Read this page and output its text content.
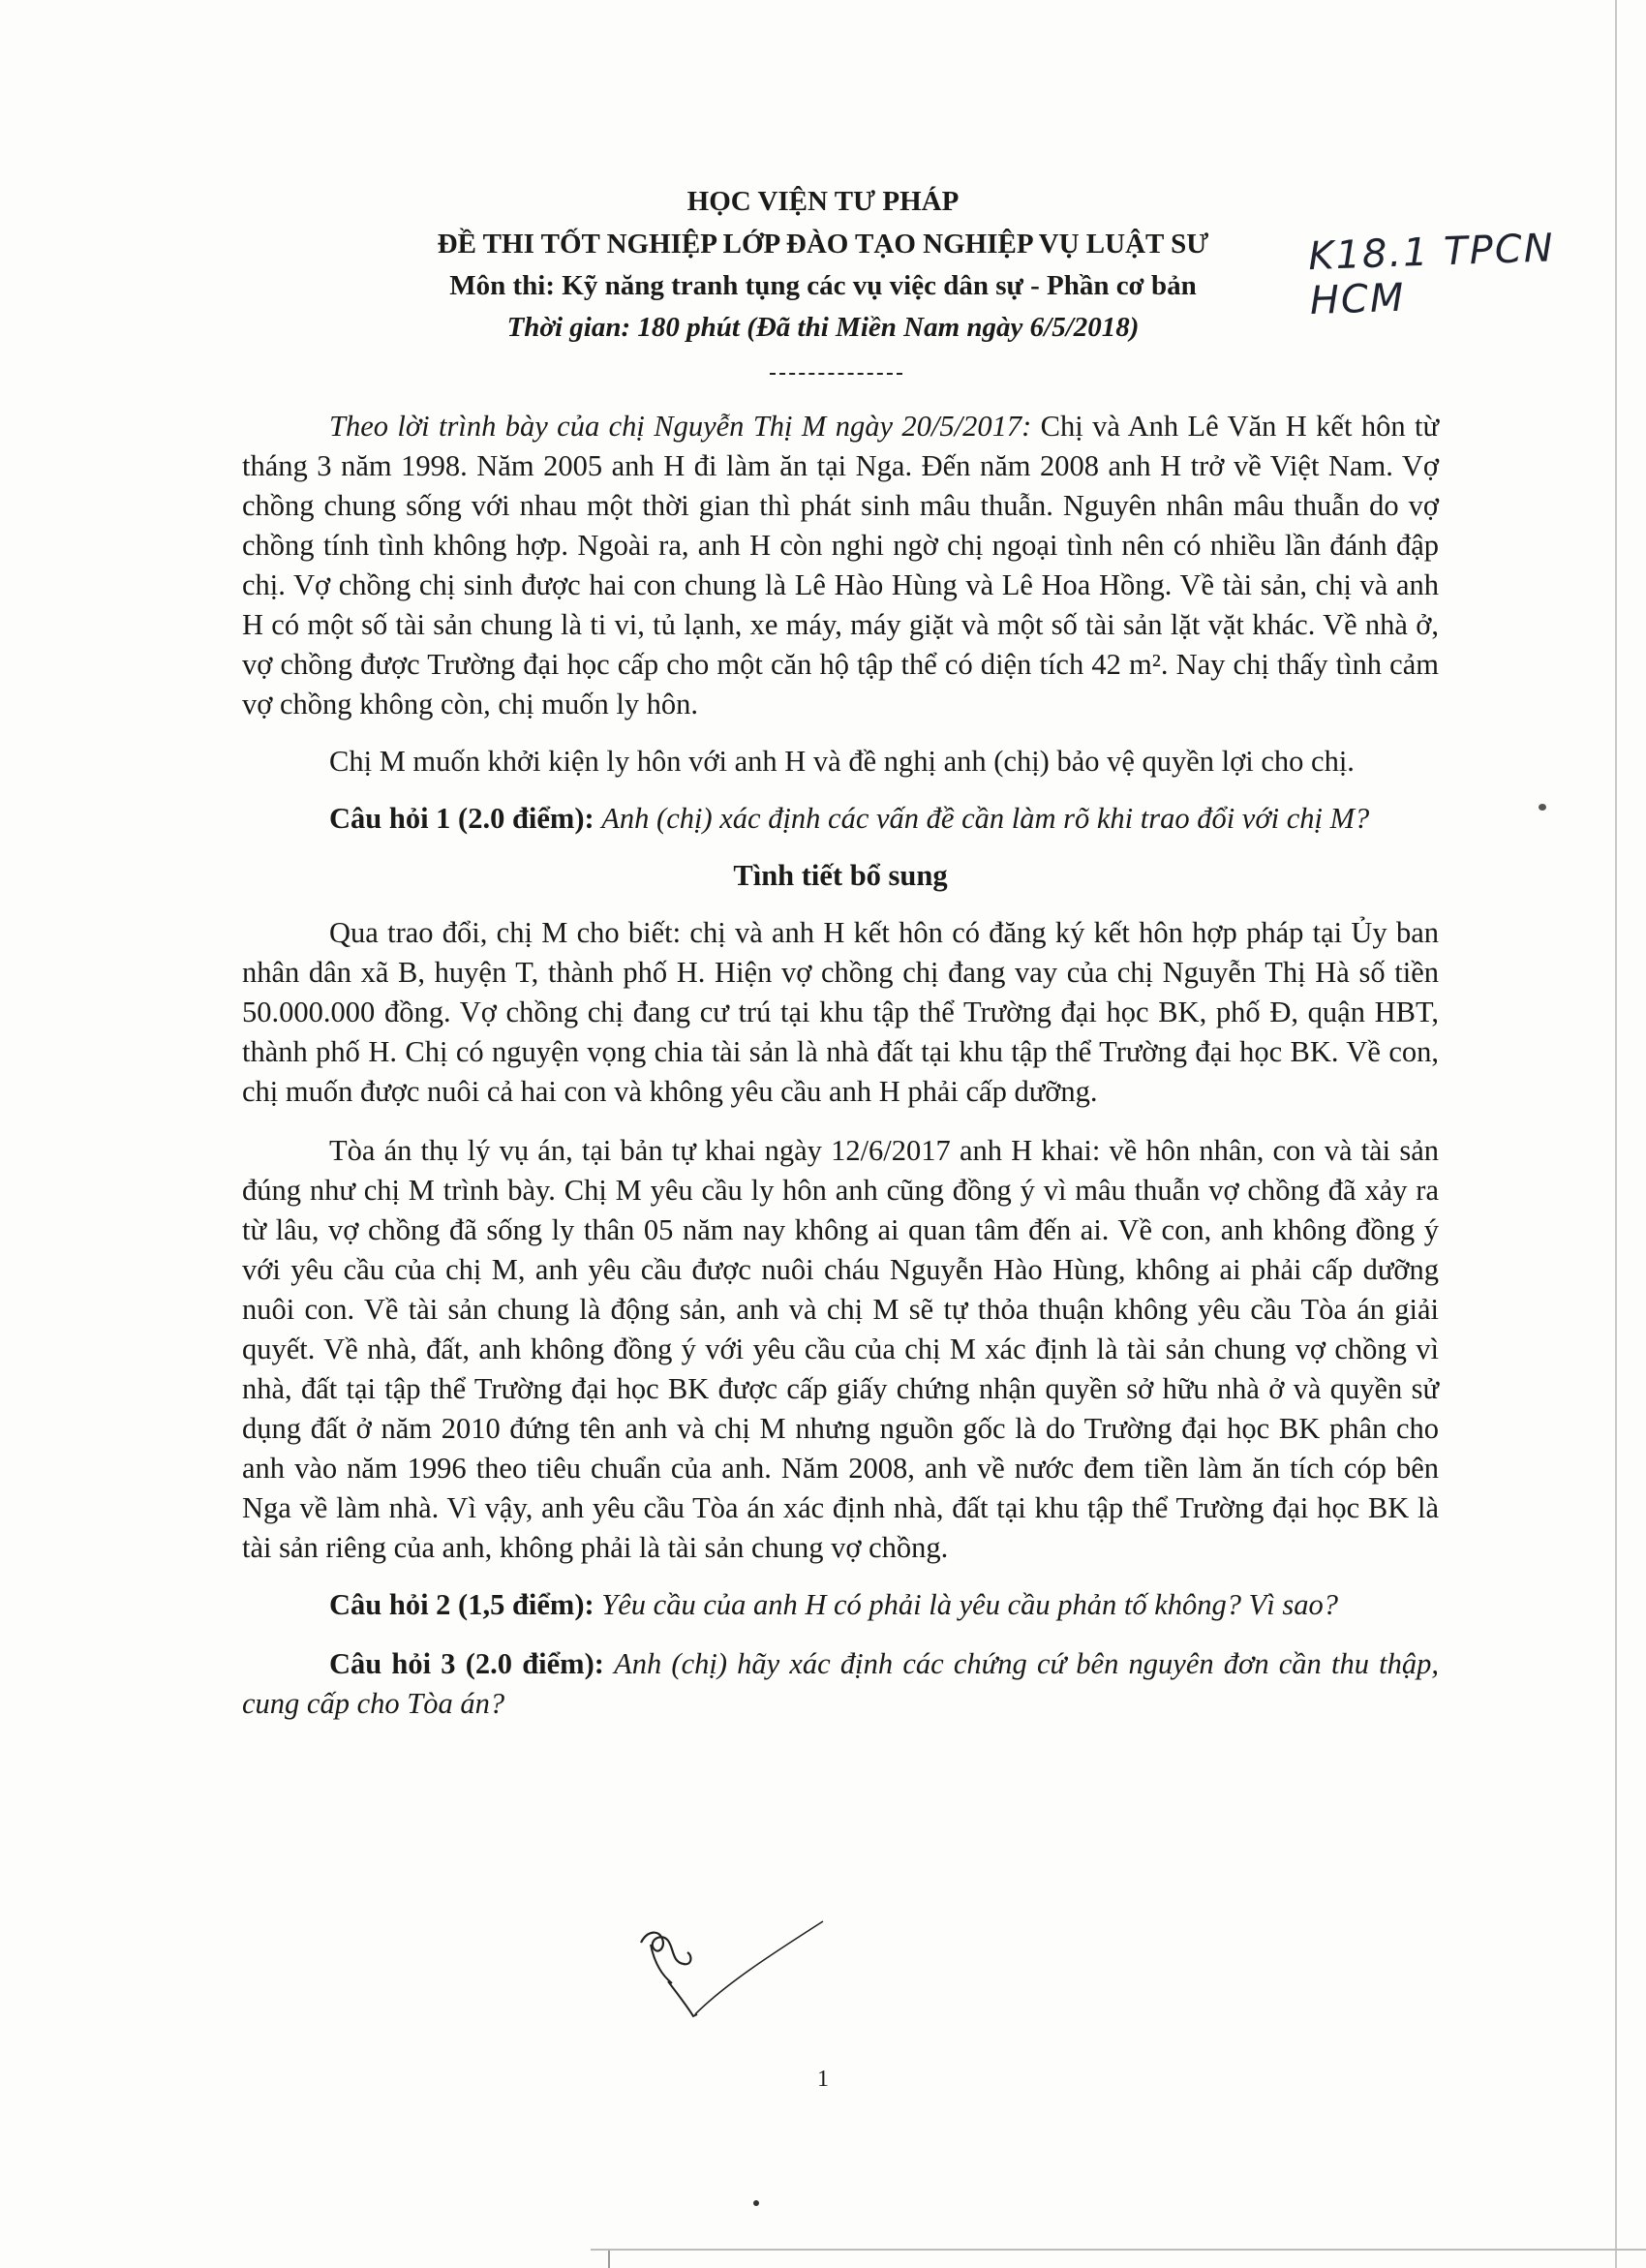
HỌC VIỆN TƯ PHÁP
ĐỀ THI TỐT NGHIỆP LỚP ĐÀO TẠO NGHIỆP VỤ LUẬT SƯ
Môn thi: Kỹ năng tranh tụng các vụ việc dân sự - Phần cơ bản
Thời gian: 180 phút (Đã thi Miền Nam ngày 6/5/2018)
K18.1 TPCN HCM

Theo lời trình bày của chị Nguyễn Thị M ngày 20/5/2017: Chị và Anh Lê Văn H kết hôn từ tháng 3 năm 1998. Năm 2005 anh H đi làm ăn tại Nga. Đến năm 2008 anh H trở về Việt Nam. Vợ chồng chung sống với nhau một thời gian thì phát sinh mâu thuẫn. Nguyên nhân mâu thuẫn do vợ chồng tính tình không hợp. Ngoài ra, anh H còn nghi ngờ chị ngoại tình nên có nhiều lần đánh đập chị. Vợ chồng chị sinh được hai con chung là Lê Hào Hùng và Lê Hoa Hồng. Về tài sản, chị và anh H có một số tài sản chung là ti vi, tủ lạnh, xe máy, máy giặt và một số tài sản lặt vặt khác. Về nhà ở, vợ chồng được Trường đại học cấp cho một căn hộ tập thể có diện tích 42 m². Nay chị thấy tình cảm vợ chồng không còn, chị muốn ly hôn.

Chị M muốn khởi kiện ly hôn với anh H và đề nghị anh (chị) bảo vệ quyền lợi cho chị.

Câu hỏi 1 (2.0 điểm): Anh (chị) xác định các vấn đề cần làm rõ khi trao đổi với chị M?

Tình tiết bổ sung

Qua trao đổi, chị M cho biết: chị và anh H kết hôn có đăng ký kết hôn hợp pháp tại Ủy ban nhân dân xã B, huyện T, thành phố H. Hiện vợ chồng chị đang vay của chị Nguyễn Thị Hà số tiền 50.000.000 đồng. Vợ chồng chị đang cư trú tại khu tập thể Trường đại học BK, phố Đ, quận HBT, thành phố H. Chị có nguyện vọng chia tài sản là nhà đất tại khu tập thể Trường đại học BK. Về con, chị muốn được nuôi cả hai con và không yêu cầu anh H phải cấp dưỡng.

Tòa án thụ lý vụ án, tại bản tự khai ngày 12/6/2017 anh H khai: về hôn nhân, con và tài sản đúng như chị M trình bày. Chị M yêu cầu ly hôn anh cũng đồng ý vì mâu thuẫn vợ chồng đã xảy ra từ lâu, vợ chồng đã sống ly thân 05 năm nay không ai quan tâm đến ai. Về con, anh không đồng ý với yêu cầu của chị M, anh yêu cầu được nuôi cháu Nguyễn Hào Hùng, không ai phải cấp dưỡng nuôi con. Về tài sản chung là động sản, anh và chị M sẽ tự thỏa thuận không yêu cầu Tòa án giải quyết. Về nhà, đất, anh không đồng ý với yêu cầu của chị M xác định là tài sản chung vợ chồng vì nhà, đất tại tập thể Trường đại học BK được cấp giấy chứng nhận quyền sở hữu nhà ở và quyền sử dụng đất ở năm 2010 đứng tên anh và chị M nhưng nguồn gốc là do Trường đại học BK phân cho anh vào năm 1996 theo tiêu chuẩn của anh. Năm 2008, anh về nước đem tiền làm ăn tích cóp bên Nga về làm nhà. Vì vậy, anh yêu cầu Tòa án xác định nhà, đất tại khu tập thể Trường đại học BK là tài sản riêng của anh, không phải là tài sản chung vợ chồng.

Câu hỏi 2 (1,5 điểm): Yêu cầu của anh H có phải là yêu cầu phản tố không? Vì sao?

Câu hỏi 3 (2.0 điểm): Anh (chị) hãy xác định các chứng cứ bên nguyên đơn cần thu thập, cung cấp cho Tòa án?

1
